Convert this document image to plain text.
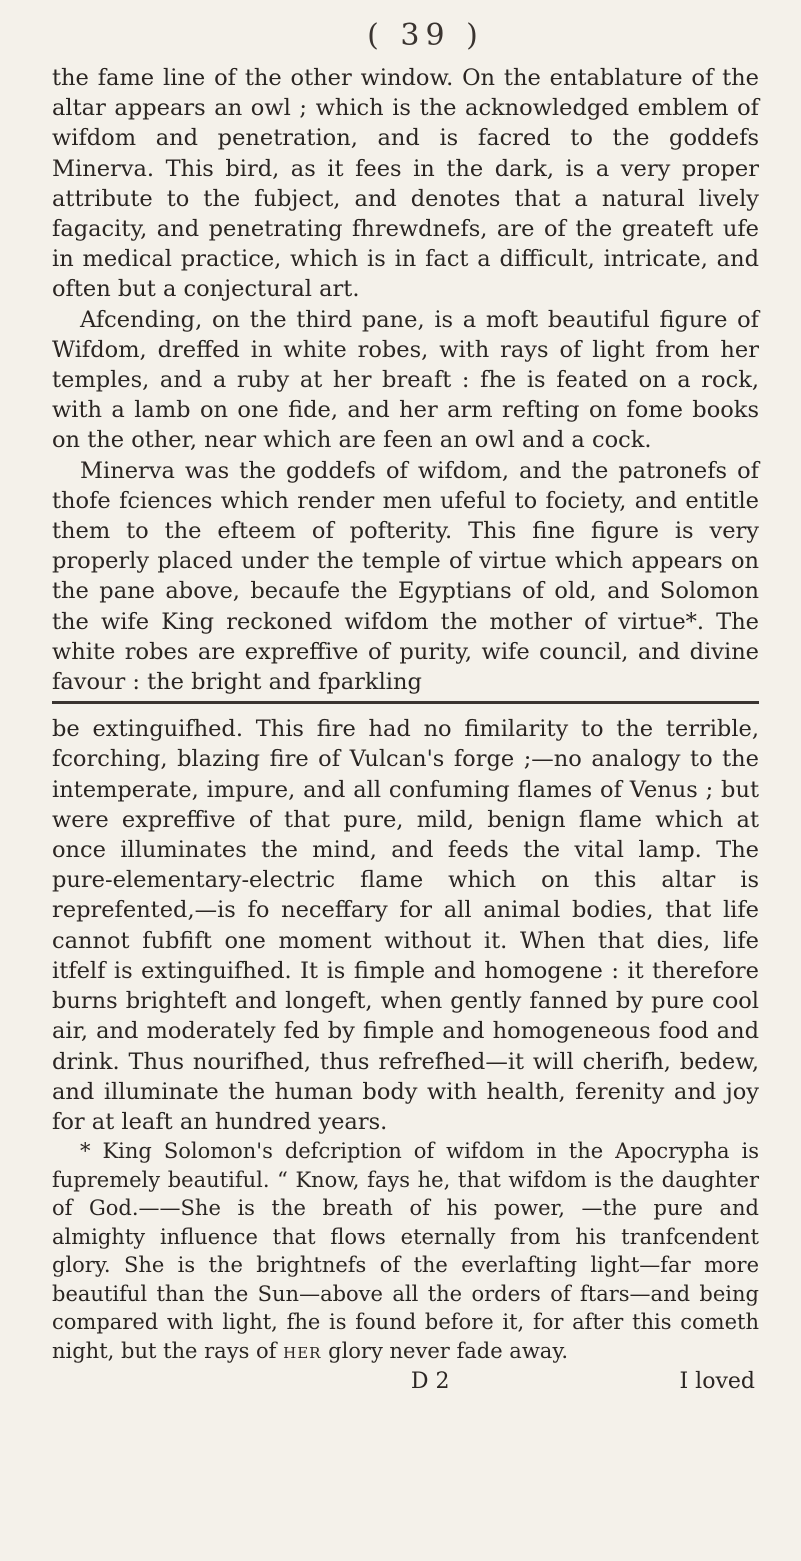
( 39 )

the fame line of the other window. On the entablature of the altar appears an owl ; which is the acknowledged emblem of wifdom and penetration, and is facred to the goddefs Minerva. This bird, as it fees in the dark, is a very proper attribute to the fubject, and denotes that a natural lively fagacity, and penetrating fhrewdnefs, are of the greateft ufe in medical practice, which is in fact a difficult, intricate, and often but a conjectural art.

Afcending, on the third pane, is a moft beautiful figure of Wifdom, dreffed in white robes, with rays of light from her temples, and a ruby at her breaft : fhe is feated on a rock, with a lamb on one fide, and her arm refting on fome books on the other, near which are feen an owl and a cock.

Minerva was the goddefs of wifdom, and the patronefs of thofe fciences which render men ufeful to fociety, and entitle them to the efteem of pofterity. This fine figure is very properly placed under the temple of virtue which appears on the pane above, becaufe the Egyptians of old, and Solomon the wife King reckoned wifdom the mother of virtue*. The white robes are expreffive of purity, wife council, and divine favour : the bright and fparkling

be extinguifhed. This fire had no fimilarity to the terrible, fcorching, blazing fire of Vulcan's forge ;—no analogy to the intemperate, impure, and all confuming flames of Venus ; but were expreffive of that pure, mild, benign flame which at once illuminates the mind, and feeds the vital lamp. The pure-elementary-electric flame which on this altar is reprefented,—is fo neceffary for all animal bodies, that life cannot fubfift one moment without it. When that dies, life itfelf is extinguifhed. It is fimple and homogene : it therefore burns brighteft and longeft, when gently fanned by pure cool air, and moderately fed by fimple and homogeneous food and drink. Thus nourifhed, thus refrefhed—it will cherifh, bedew, and illuminate the human body with health, ferenity and joy for at leaft an hundred years.

* King Solomon's defcription of wifdom in the Apocrypha is fupremely beautiful. “ Know, fays he, that wifdom is the daughter of God.——She is the breath of his power, —the pure and almighty influence that flows eternally from his tranfcendent glory. She is the brightnefs of the everlafting light—far more beautiful than the Sun—above all the orders of ftars—and being compared with light, fhe is found before it, for after this cometh night, but the rays of HER glory never fade away.

D 2	I loved
